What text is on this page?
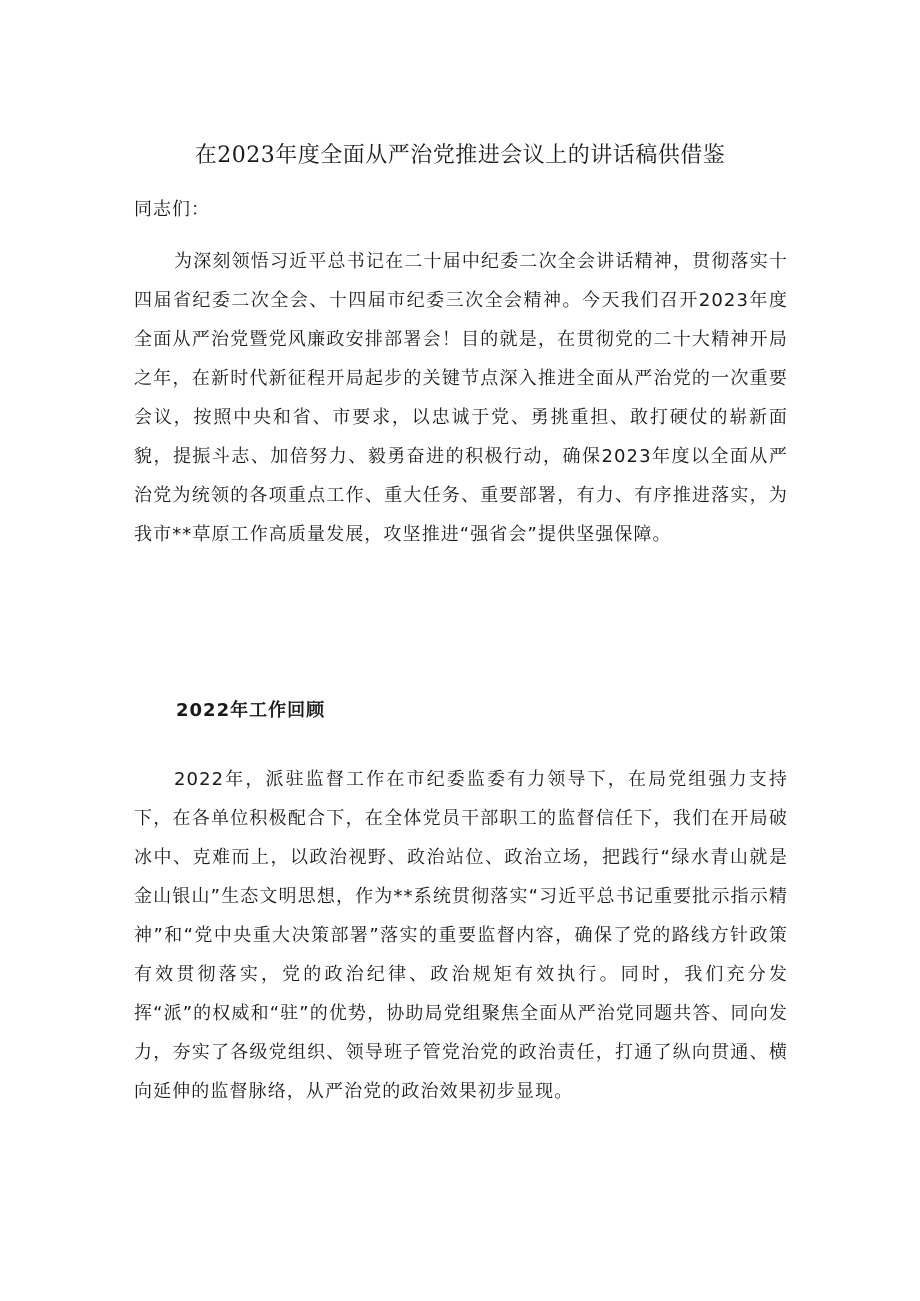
在2023年度全面从严治党推进会议上的讲话稿供借鉴
同志们：

为深刻领悟习近平总书记在二十届中纪委二次全会讲话精神，贯彻落实十四届省纪委二次全会、十四届市纪委三次全会精神。今天我们召开2023年度全面从严治党暨党风廉政安排部署会！目的就是，在贯彻党的二十大精神开局之年，在新时代新征程开局起步的关键节点深入推进全面从严治党的一次重要会议，按照中央和省、市要求，以忠诚于党、勇挑重担、敢打硬仗的崭新面貌，提振斗志、加倍努力、毅勇奋进的积极行动，确保2023年度以全面从严治党为统领的各项重点工作、重大任务、重要部署，有力、有序推进落实，为我市**草原工作高质量发展，攻坚推进“强省会”提供坚强保障。

2022年工作回顾

2022年，派驻监督工作在市纪委监委有力领导下，在局党组强力支持下，在各单位积极配合下，在全体党员干部职工的监督信任下，我们在开局破冰中、克难而上，以政治视野、政治站位、政治立场，把践行“绿水青山就是金山银山”生态文明思想，作为**系统贯彻落实“习近平总书记重要批示指示精神”和“党中央重大决策部署”落实的重要监督内容，确保了党的路线方针政策有效贯彻落实，党的政治纪律、政治规矩有效执行。同时，我们充分发挥“派”的权威和“驻”的优势，协助局党组聚焦全面从严治党同题共答、同向发力，夯实了各级党组织、领导班子管党治党的政治责任，打通了纵向贯通、横向延伸的监督脉络，从严治党的政治效果初步显现。
